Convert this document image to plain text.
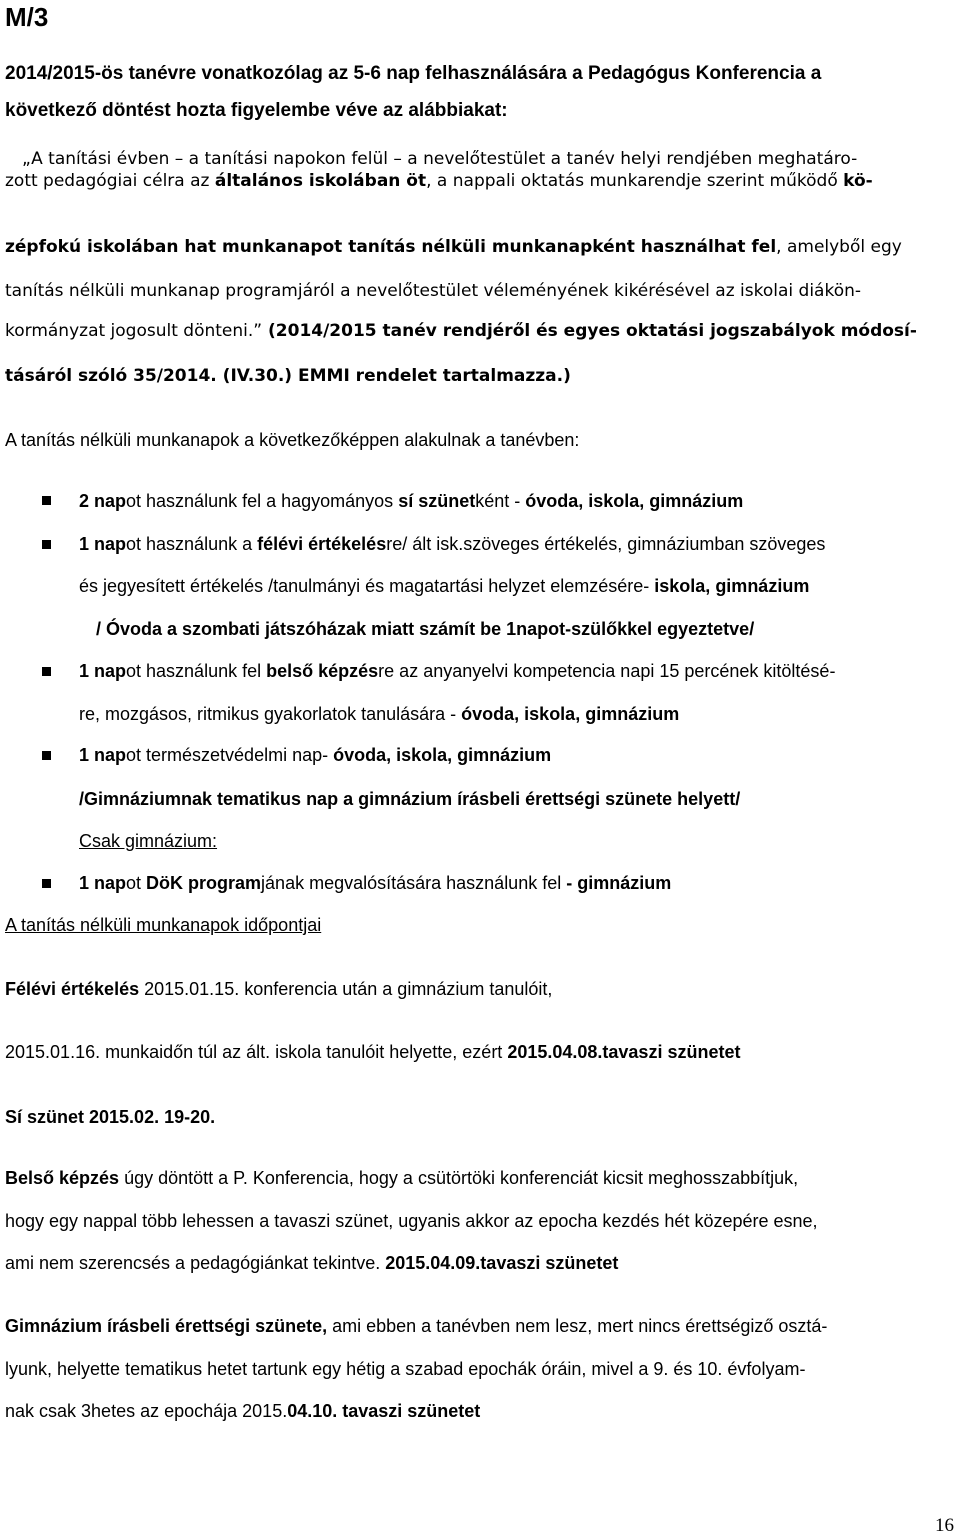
M/3
2014/2015-ös tanévre vonatkozólag az 5-6 nap felhasználására a Pedagógus Konferencia a
következő döntést hozta figyelembe véve az alábbiakat:
„A tanítási évben – a tanítási napokon felül – a nevelőtestület a tanév helyi rendjében meghatáro-
zott pedagógiai célra az általános iskolában öt, a nappali oktatás munkarendje szerint működő kö-
zépfokú iskolában hat munkanapot tanítás nélküli munkanapként használhat fel, amelyből egy
tanítás nélküli munkanap programjáról a nevelőtestület véleményének kikérésével az iskolai diákön-
kormányzat jogosult dönteni.” (2014/2015 tanév rendjéről és egyes oktatási jogszabályok módosí-
tásáról szóló 35/2014. (IV.30.) EMMI rendelet tartalmazza.)
A tanítás nélküli munkanapok a következőképpen alakulnak a tanévben:
2 napot használunk fel a hagyományos sí szünetként - óvoda, iskola, gimnázium
1 napot használunk a félévi értékelésre/ ált isk.szöveges értékelés, gimnáziumban szöveges
és jegyesített értékelés /tanulmányi és magatartási helyzet elemzésére- iskola, gimnázium
/ Óvoda a szombati játszóházak miatt számít be 1napot-szülőkkel egyeztetve/
1 napot használunk fel belső képzésre az anyanyelvi kompetencia napi 15 percének kitöltésé-
re, mozgásos, ritmikus gyakorlatok tanulására - óvoda, iskola, gimnázium
1 napot természetvédelmi nap- óvoda, iskola, gimnázium
/Gimnáziumnak tematikus nap a gimnázium írásbeli érettségi szünete helyett/
Csak gimnázium:
1 napot DöK programjának megvalósítására használunk fel - gimnázium
A tanítás nélküli munkanapok időpontjai
Félévi értékelés 2015.01.15. konferencia után a gimnázium tanulóit,
2015.01.16. munkaidőn túl az ált. iskola tanulóit helyette, ezért 2015.04.08.tavaszi szünetet
Sí szünet 2015.02. 19-20.
Belső képzés úgy döntött a P. Konferencia, hogy a csütörtöki konferenciát kicsit meghosszabbítjuk,
hogy egy nappal több lehessen a tavaszi szünet, ugyanis akkor az epocha kezdés hét közepére esne,
ami nem szerencsés a pedagógiánkat tekintve. 2015.04.09.tavaszi szünetet
Gimnázium írásbeli érettségi szünete, ami ebben a tanévben nem lesz, mert nincs érettségiző osztá-
lyunk, helyette tematikus hetet tartunk egy hétig a szabad epochák óráin, mivel a 9. és 10. évfolyam-
nak csak 3hetes az epochája 2015.04.10. tavaszi szünetet
16
